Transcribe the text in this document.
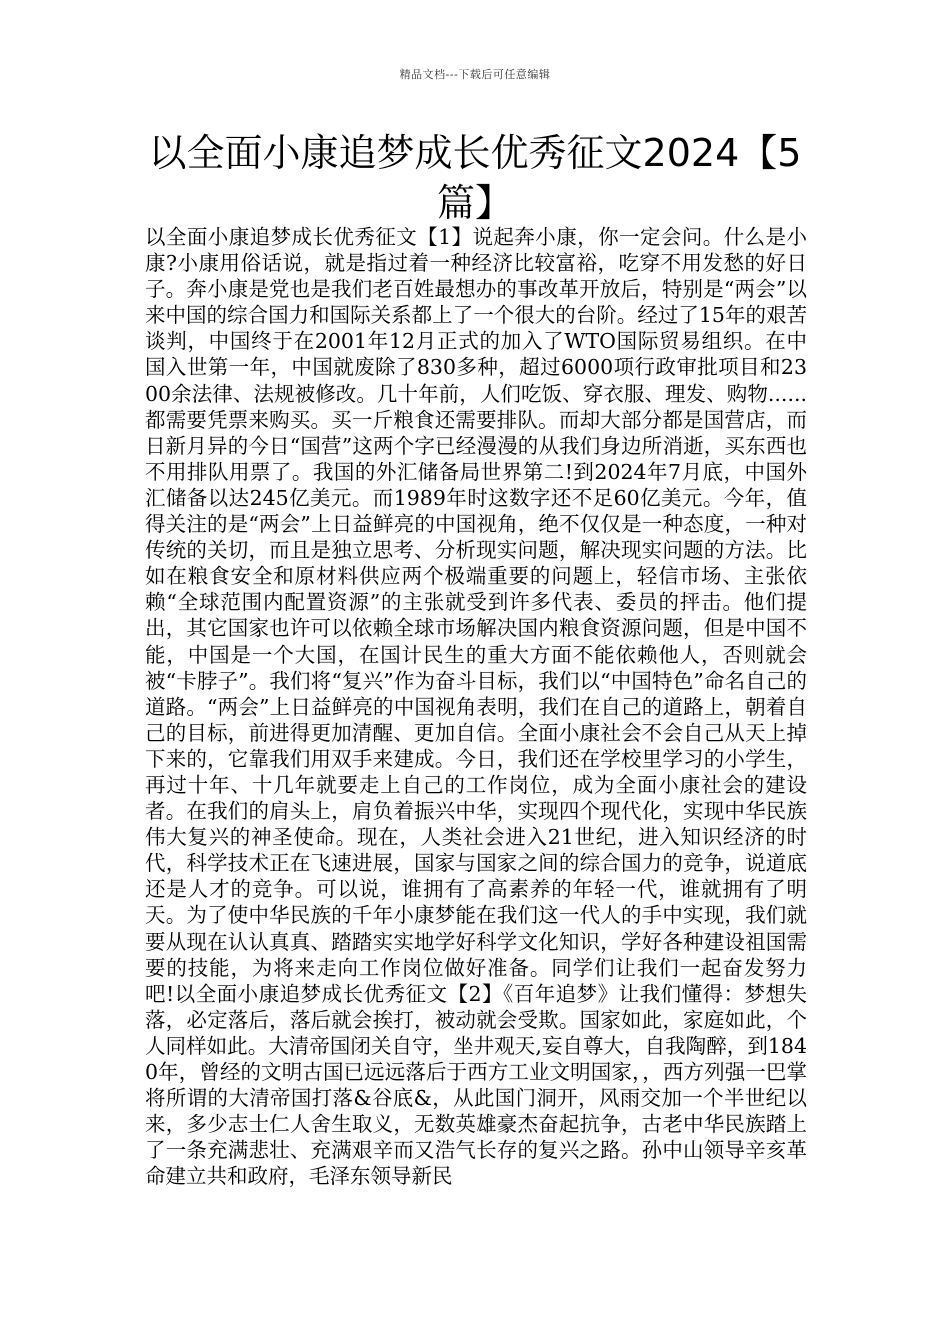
精品文档---下载后可任意编辑
以全面小康追梦成长优秀征文2024【5篇】

以全面小康追梦成长优秀征文【1】说起奔小康，你一定会问。什么是小康?小康用俗话说，就是指过着一种经济比较富裕，吃穿不用发愁的好日子。奔小康是党也是我们老百姓最想办的事改革开放后，特别是“两会”以来中国的综合国力和国际关系都上了一个很大的台阶。经过了15年的艰苦谈判，中国终于在2001年12月正式的加入了WTO国际贸易组织。在中国入世第一年，中国就废除了830多种，超过6000项行政审批项目和2300余法律、法规被修改。几十年前，人们吃饭、穿衣服、理发、购物......都需要凭票来购买。买一斤粮食还需要排队。而却大部分都是国营店，而日新月异的今日“国营”这两个字已经漫漫的从我们身边所消逝，买东西也不用排队用票了。我国的外汇储备局世界第二!到2024年7月底，中国外汇储备以达245亿美元。而1989年时这数字还不足60亿美元。今年，值得关注的是“两会”上日益鲜亮的中国视角，绝不仅仅是一种态度，一种对传统的关切，而且是独立思考、分析现实问题，解决现实问题的方法。比如在粮食安全和原材料供应两个极端重要的问题上，轻信市场、主张依赖“全球范围内配置资源”的主张就受到许多代表、委员的抨击。他们提出，其它国家也许可以依赖全球市场解决国内粮食资源问题，但是中国不能，中国是一个大国，在国计民生的重大方面不能依赖他人，否则就会被“卡脖子”。我们将“复兴”作为奋斗目标，我们以“中国特色”命名自己的道路。“两会”上日益鲜亮的中国视角表明，我们在自己的道路上，朝着自己的目标，前进得更加清醒、更加自信。全面小康社会不会自己从天上掉下来的，它靠我们用双手来建成。今日，我们还在学校里学习的小学生，再过十年、十几年就要走上自己的工作岗位，成为全面小康社会的建设者。在我们的肩头上，肩负着振兴中华，实现四个现代化，实现中华民族伟大复兴的神圣使命。现在，人类社会进入21世纪，进入知识经济的时代，科学技术正在飞速进展，国家与国家之间的综合国力的竞争，说道底还是人才的竞争。可以说，谁拥有了高素养的年轻一代，谁就拥有了明天。为了使中华民族的千年小康梦能在我们这一代人的手中实现，我们就要从现在认认真真、踏踏实实地学好科学文化知识，学好各种建设祖国需要的技能，为将来走向工作岗位做好准备。同学们让我们一起奋发努力吧!以全面小康追梦成长优秀征文【2】《百年追梦》让我们懂得：梦想失落，必定落后，落后就会挨打，被动就会受欺。国家如此，家庭如此，个人同样如此。大清帝国闭关自守，坐井观天,妄自尊大，自我陶醉，到1840年，曾经的文明古国已远远落后于西方工业文明国家，，西方列强一巴掌将所谓的大清帝国打落&谷底&，从此国门洞开，风雨交加一个半世纪以来，多少志士仁人舍生取义，无数英雄豪杰奋起抗争，古老中华民族踏上了一条充满悲壮、充满艰辛而又浩气长存的复兴之路。孙中山领导辛亥革命建立共和政府，毛泽东领导新民
